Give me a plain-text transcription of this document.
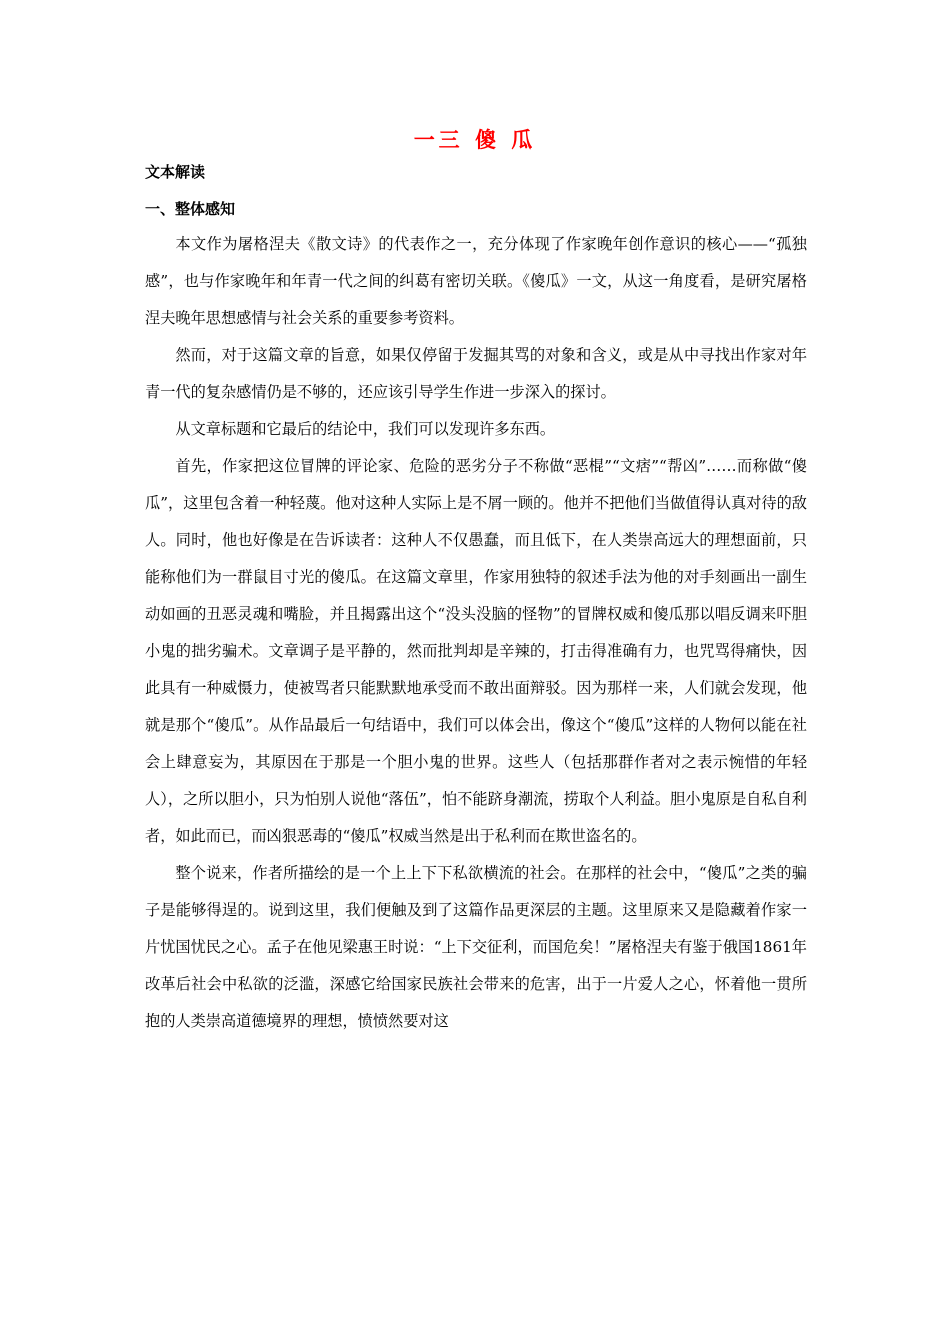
一三 傻 瓜
文本解读
一、整体感知

本文作为屠格涅夫《散文诗》的代表作之一，充分体现了作家晚年创作意识的核心——“孤独感”，也与作家晚年和年青一代之间的纠葛有密切关联。《傻瓜》一文，从这一角度看，是研究屠格涅夫晚年思想感情与社会关系的重要参考资料。

然而，对于这篇文章的旨意，如果仅停留于发掘其骂的对象和含义，或是从中寻找出作家对年青一代的复杂感情仍是不够的，还应该引导学生作进一步深入的探讨。

从文章标题和它最后的结论中，我们可以发现许多东西。

首先，作家把这位冒牌的评论家、危险的恶劣分子不称做“恶棍”“文痞”“帮凶”……而称做“傻瓜”，这里包含着一种轻蔑。他对这种人实际上是不屑一顾的。他并不把他们当做值得认真对待的敌人。同时，他也好像是在告诉读者：这种人不仅愚蠢，而且低下，在人类崇高远大的理想面前，只能称他们为一群鼠目寸光的傻瓜。在这篇文章里，作家用独特的叙述手法为他的对手刻画出一副生动如画的丑恶灵魂和嘴脸，并且揭露出这个“没头没脑的怪物”的冒牌权威和傻瓜那以唱反调来吓胆小鬼的拙劣骗术。文章调子是平静的，然而批判却是辛辣的，打击得准确有力，也咒骂得痛快，因此具有一种威慑力，使被骂者只能默默地承受而不敢出面辩驳。因为那样一来，人们就会发现，他就是那个“傻瓜”。从作品最后一句结语中，我们可以体会出，像这个“傻瓜”这样的人物何以能在社会上肆意妄为，其原因在于那是一个胆小鬼的世界。这些人（包括那群作者对之表示惋惜的年轻人），之所以胆小，只为怕别人说他“落伍”，怕不能跻身潮流，捞取个人利益。胆小鬼原是自私自利者，如此而已，而凶狠恶毒的“傻瓜”权威当然是出于私利而在欺世盗名的。

整个说来，作者所描绘的是一个上上下下私欲横流的社会。在那样的社会中，“傻瓜”之类的骗子是能够得逞的。说到这里，我们便触及到了这篇作品更深层的主题。这里原来又是隐藏着作家一片忧国忧民之心。孟子在他见梁惠王时说：“上下交征利，而国危矣！”屠格涅夫有鉴于俄国1861年改革后社会中私欲的泛滥，深感它给国家民族社会带来的危害，出于一片爱人之心，怀着他一贯所抱的人类崇高道德境界的理想，愤愤然要对这
